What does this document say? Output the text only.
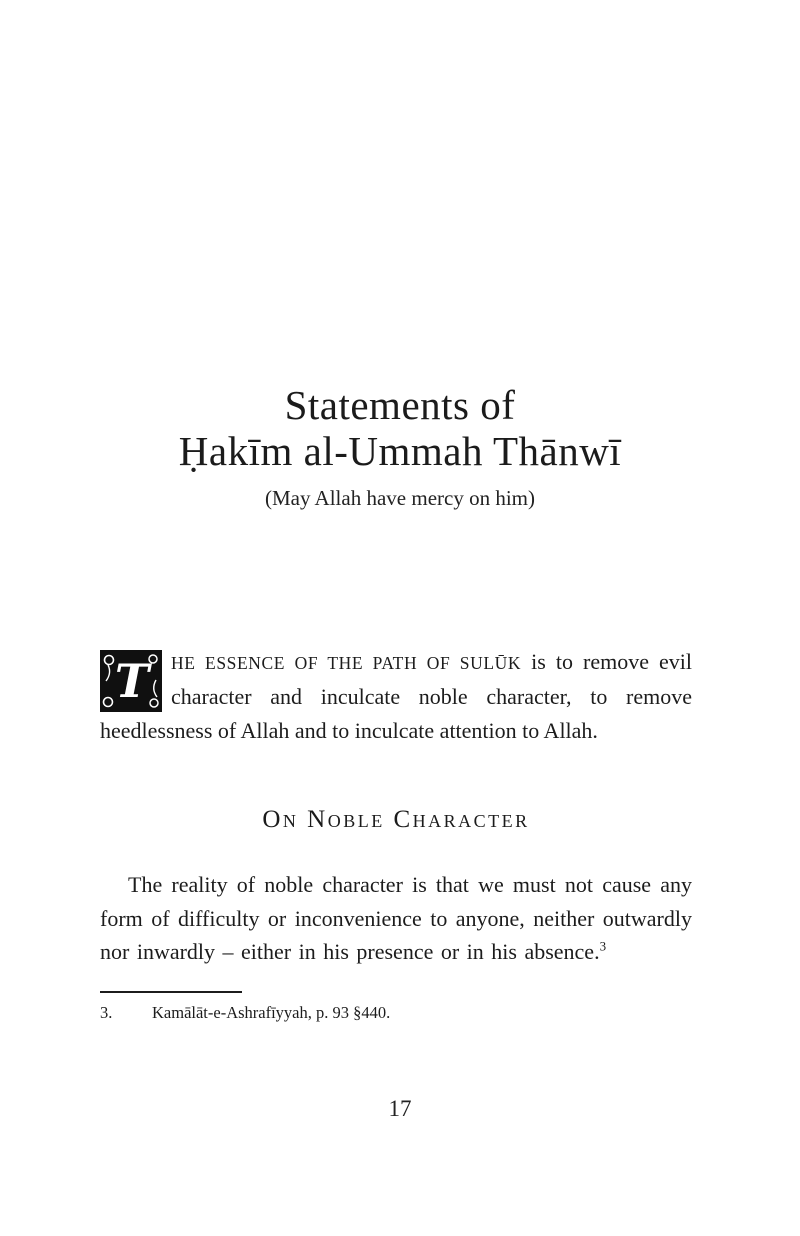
Statements of
Ḥakīm al-Ummah Thānwī
(May Allah have mercy on him)

T HE ESSENCE OF THE PATH OF SULŪK is to remove evil character and inculcate noble character, to remove heedlessness of Allah and to inculcate attention to Allah.

On Noble Character

The reality of noble character is that we must not cause any form of difficulty or inconvenience to anyone, neither outwardly nor inwardly – either in his presence or in his absence.$^3$

3.	Kamālāt-e-Ashrafīyyah, p. 93 §440.
17
